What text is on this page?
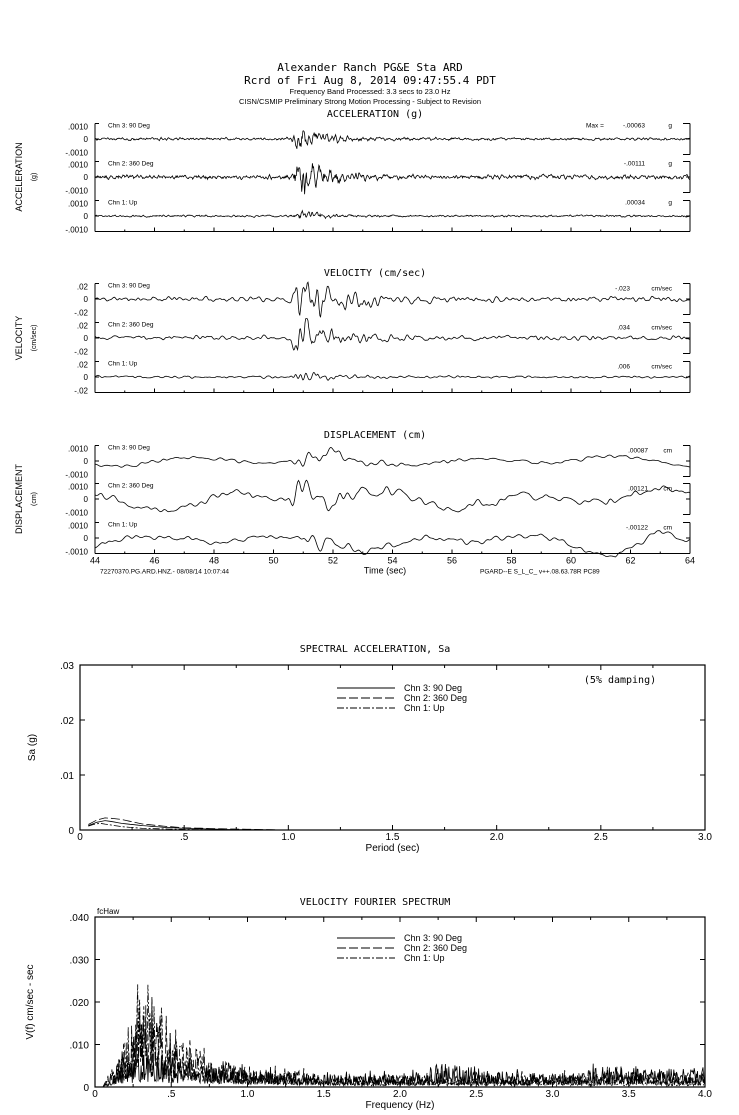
Alexander Ranch PG&E Sta ARD
Rcrd of Fri Aug 8, 2014 09:47:55.4 PDT
Frequency Band Processed: 3.3 secs to 23.0 Hz
CISN/CSMIP Preliminary Strong Motion Processing - Subject to Revision
ACCELERATION (g)
ACCELERATION (g)
.0010
0
-.0010
Chn 3: 90 Deg	Max =	-.00063	g
.0010
0
-.0010
Chn 2: 360 Deg	-.00111	g
.0010
0
-.0010
Chn 1: Up	.00034	g
VELOCITY (cm/sec)
VELOCITY (cm/sec)
.02
0
-.02
Chn 3: 90 Deg	-.023	cm/sec
.02
0
-.02
Chn 2: 360 Deg	.034	cm/sec
.02
0
-.02
Chn 1: Up	.006	cm/sec
DISPLACEMENT (cm)
DISPLACEMENT (cm)
.0010
0
-.0010
Chn 3: 90 Deg	.00087 cm
.0010
0
-.0010
Chn 2: 360 Deg	.00121 cm
.0010
0
-.0010
Chn 1: Up	-.00122 cm
44	46	48	50	52	54	56	58	60	62	64
Time (sec)
72270370.PG.ARD.HNZ.- 08/08/14 10:07:44	PGARD--E S_L_C_ v++.08.63.78R PC89
SPECTRAL ACCELERATION, Sa
0	.5	1.0	1.5	2.0	2.5	3.0
.03
.02
.01
0
Period (sec)
Sa (g)
(5% damping)
Chn 3: 90 Deg
Chn 2: 360 Deg
Chn 1: Up
VELOCITY FOURIER SPECTRUM
0	.5	1.0	1.5	2.0	2.5	3.0	3.5	4.0
.040
.030
.020
.010
0
Frequency (Hz)
V(f) cm/sec - sec
fcHaw
Chn 3: 90 Deg
Chn 2: 360 Deg
Chn 1: Up
